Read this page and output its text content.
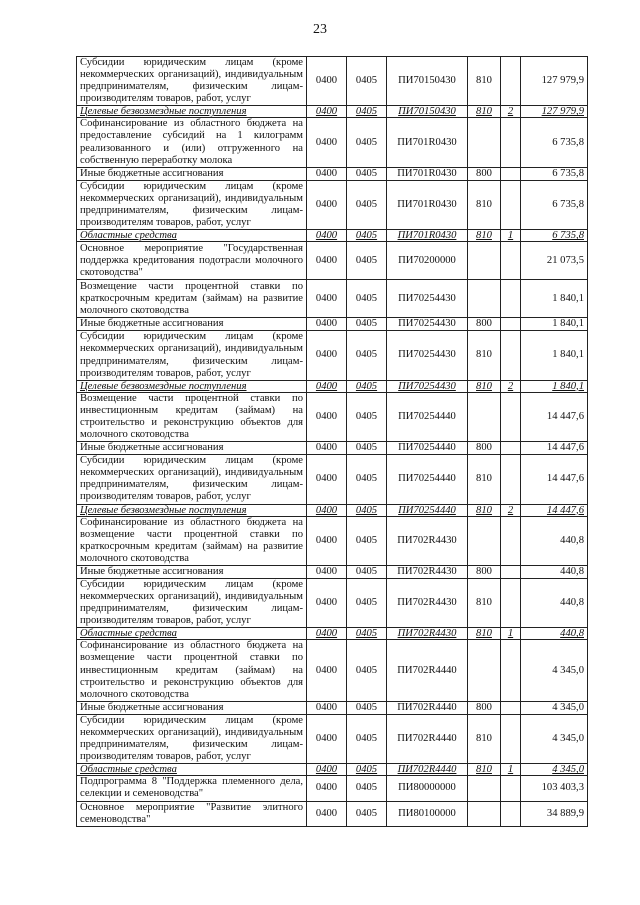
23
Субсидии юридическим лицам (кроме некоммерческих организаций), индивидуальным предпринимателям, физическим лицам-производителям товаров, работ, услуг	0400	0405	ПИ70150430	810		127 979,9
Целевые безвозмездные поступления	0400	0405	ПИ70150430	810	2	127 979,9
Софинансирование из областного бюджета на предоставление субсидий на 1 килограмм реализованного и (или) отгруженного на собственную переработку молока	0400	0405	ПИ701R0430			6 735,8
Иные бюджетные ассигнования	0400	0405	ПИ701R0430	800		6 735,8
Субсидии юридическим лицам (кроме некоммерческих организаций), индивидуальным предпринимателям, физическим лицам-производителям товаров, работ, услуг	0400	0405	ПИ701R0430	810		6 735,8
Областные средства	0400	0405	ПИ701R0430	810	1	6 735,8
Основное мероприятие "Государственная поддержка кредитования подотрасли молочного скотоводства"	0400	0405	ПИ70200000			21 073,5
Возмещение части процентной ставки по краткосрочным кредитам (займам) на развитие молочного скотоводства	0400	0405	ПИ70254430			1 840,1
Иные бюджетные ассигнования	0400	0405	ПИ70254430	800		1 840,1
Субсидии юридическим лицам (кроме некоммерческих организаций), индивидуальным предпринимателям, физическим лицам-производителям товаров, работ, услуг	0400	0405	ПИ70254430	810		1 840,1
Целевые безвозмездные поступления	0400	0405	ПИ70254430	810	2	1 840,1
Возмещение части процентной ставки по инвестиционным кредитам (займам) на строительство и реконструкцию объектов для молочного скотоводства	0400	0405	ПИ70254440			14 447,6
Иные бюджетные ассигнования	0400	0405	ПИ70254440	800		14 447,6
Субсидии юридическим лицам (кроме некоммерческих организаций), индивидуальным предпринимателям, физическим лицам-производителям товаров, работ, услуг	0400	0405	ПИ70254440	810		14 447,6
Целевые безвозмездные поступления	0400	0405	ПИ70254440	810	2	14 447,6
Софинансирование из областного бюджета на возмещение части процентной ставки по краткосрочным кредитам (займам) на развитие молочного скотоводства	0400	0405	ПИ702R4430			440,8
Иные бюджетные ассигнования	0400	0405	ПИ702R4430	800		440,8
Субсидии юридическим лицам (кроме некоммерческих организаций), индивидуальным предпринимателям, физическим лицам-производителям товаров, работ, услуг	0400	0405	ПИ702R4430	810		440,8
Областные средства	0400	0405	ПИ702R4430	810	1	440,8
Софинансирование из областного бюджета на возмещение части процентной ставки по инвестиционным кредитам (займам) на строительство и реконструкцию объектов для молочного скотоводства	0400	0405	ПИ702R4440			4 345,0
Иные бюджетные ассигнования	0400	0405	ПИ702R4440	800		4 345,0
Субсидии юридическим лицам (кроме некоммерческих организаций), индивидуальным предпринимателям, физическим лицам-производителям товаров, работ, услуг	0400	0405	ПИ702R4440	810		4 345,0
Областные средства	0400	0405	ПИ702R4440	810	1	4 345,0
Подпрограмма 8 "Поддержка племенного дела, селекции и семеноводства"	0400	0405	ПИ80000000			103 403,3
Основное мероприятие "Развитие элитного семеноводства"	0400	0405	ПИ80100000			34 889,9
